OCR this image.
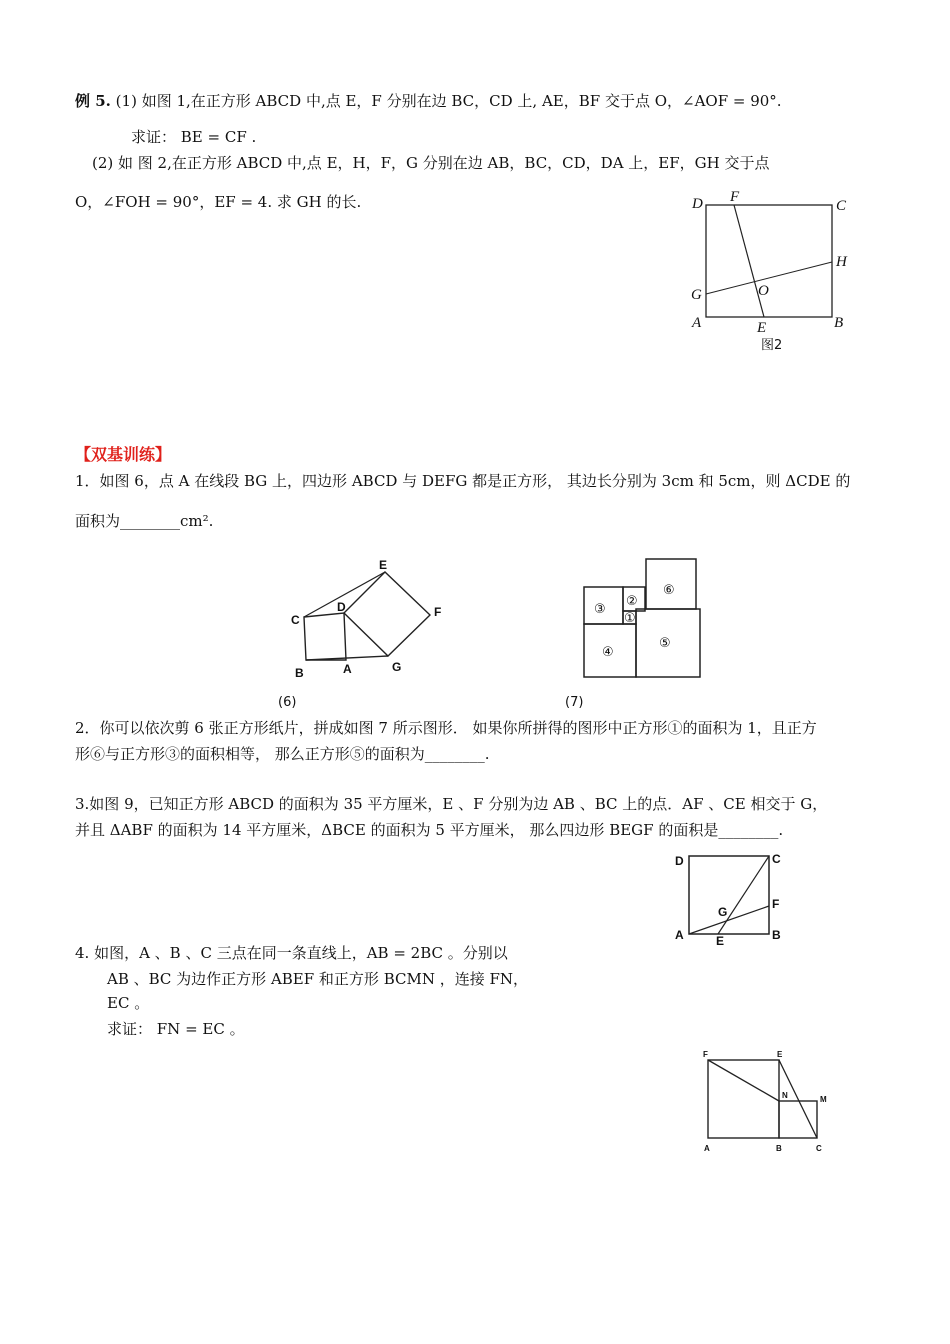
例 5. (1) 如图 1,在正方形 ABCD 中,点 E，F 分别在边 BC，CD 上, AE，BF 交于点 O，∠AOF = 90°.
求证： BE = CF .
(2) 如 图 2,在正方形 ABCD 中,点 E，H，F，G 分别在边 AB，BC，CD，DA 上，EF，GH 交于点
O，∠FOH = 90°，EF = 4. 求 GH 的长.	D F
C
H
G	O
A	E	B
图2
【双基训练】
1．如图 6，点 A 在线段 BG 上，四边形 ABCD 与 DEFG 都是正方形， 其边长分别为 3cm 和 5cm，则 ΔCDE 的
面积为________cm².
E
D	F
C
B	A	G
(6)
①
②
③
④
⑤
⑥
(7)
2．你可以依次剪 6 张正方形纸片，拼成如图 7 所示图形． 如果你所拼得的图形中正方形①的面积为 1，且正方
形⑥与正方形③的面积相等， 那么正方形⑤的面积为________.
3.如图 9，已知正方形 ABCD 的面积为 35 平方厘米，E 、F 分别为边 AB 、BC 上的点．AF 、CE 相交于 G，
并且 ΔABF 的面积为 14 平方厘米，ΔBCE 的面积为 5 平方厘米， 那么四边形 BEGF 的面积是________.
D	C
G
F
A	E	B
4. 如图，A 、B 、C 三点在同一条直线上，AB = 2BC 。分别以
AB 、BC 为边作正方形 ABEF 和正方形 BCMN ，连接 FN，
EC 。
求证： FN = EC 。
F	E
N	M
A	B	C
